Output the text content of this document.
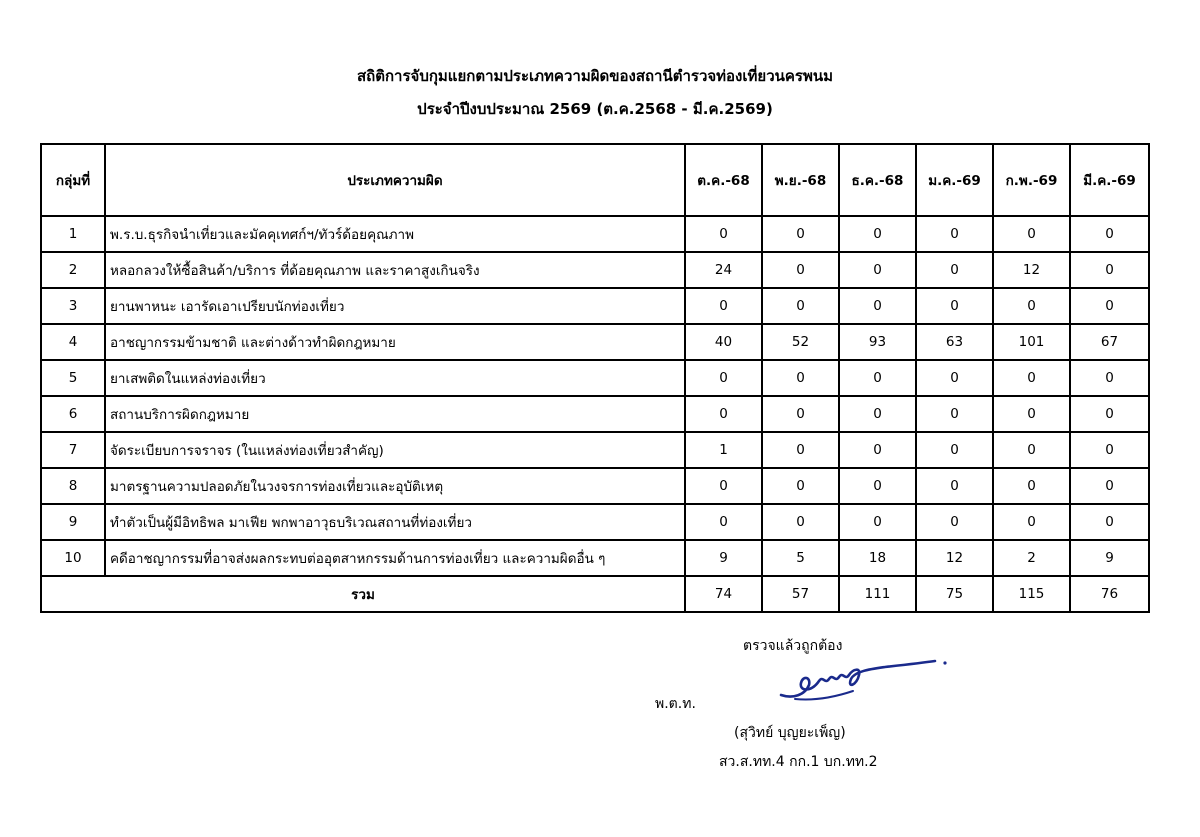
สถิติการจับกุมแยกตามประเภทความผิดของสถานีตำรวจท่องเที่ยวนครพนม
ประจำปีงบประมาณ 2569 (ต.ค.2568 - มี.ค.2569)
กลุ่มที่	ประเภทความผิด	ต.ค.-68	พ.ย.-68	ธ.ค.-68	ม.ค.-69	ก.พ.-69	มี.ค.-69
1	พ.ร.บ.ธุรกิจนำเที่ยวและมัคคุเทศก์ฯ/ทัวร์ด้อยคุณภาพ	0	0	0	0	0	0
2	หลอกลวงให้ซื้อสินค้า/บริการ ที่ด้อยคุณภาพ และราคาสูงเกินจริง	24	0	0	0	12	0
3	ยานพาหนะ เอารัดเอาเปรียบนักท่องเที่ยว	0	0	0	0	0	0
4	อาชญากรรมข้ามชาติ และต่างด้าวทำผิดกฎหมาย	40	52	93	63	101	67
5	ยาเสพติดในแหล่งท่องเที่ยว	0	0	0	0	0	0
6	สถานบริการผิดกฎหมาย	0	0	0	0	0	0
7	จัดระเบียบการจราจร (ในแหล่งท่องเที่ยวสำคัญ)	1	0	0	0	0	0
8	มาตรฐานความปลอดภัยในวงจรการท่องเที่ยวและอุบัติเหตุ	0	0	0	0	0	0
9	ทำตัวเป็นผู้มีอิทธิพล มาเฟีย พกพาอาวุธบริเวณสถานที่ท่องเที่ยว	0	0	0	0	0	0
10	คดีอาชญากรรมที่อาจส่งผลกระทบต่ออุตสาหกรรมด้านการท่องเที่ยว และความผิดอื่น ๆ	9	5	18	12	2	9
รวม		74	57	111	75	115	76
ตรวจแล้วถูกต้อง
พ.ต.ท.
(สุวิทย์ บุญยะเพ็ญ)
สว.ส.ทท.4 กก.1 บก.ทท.2
